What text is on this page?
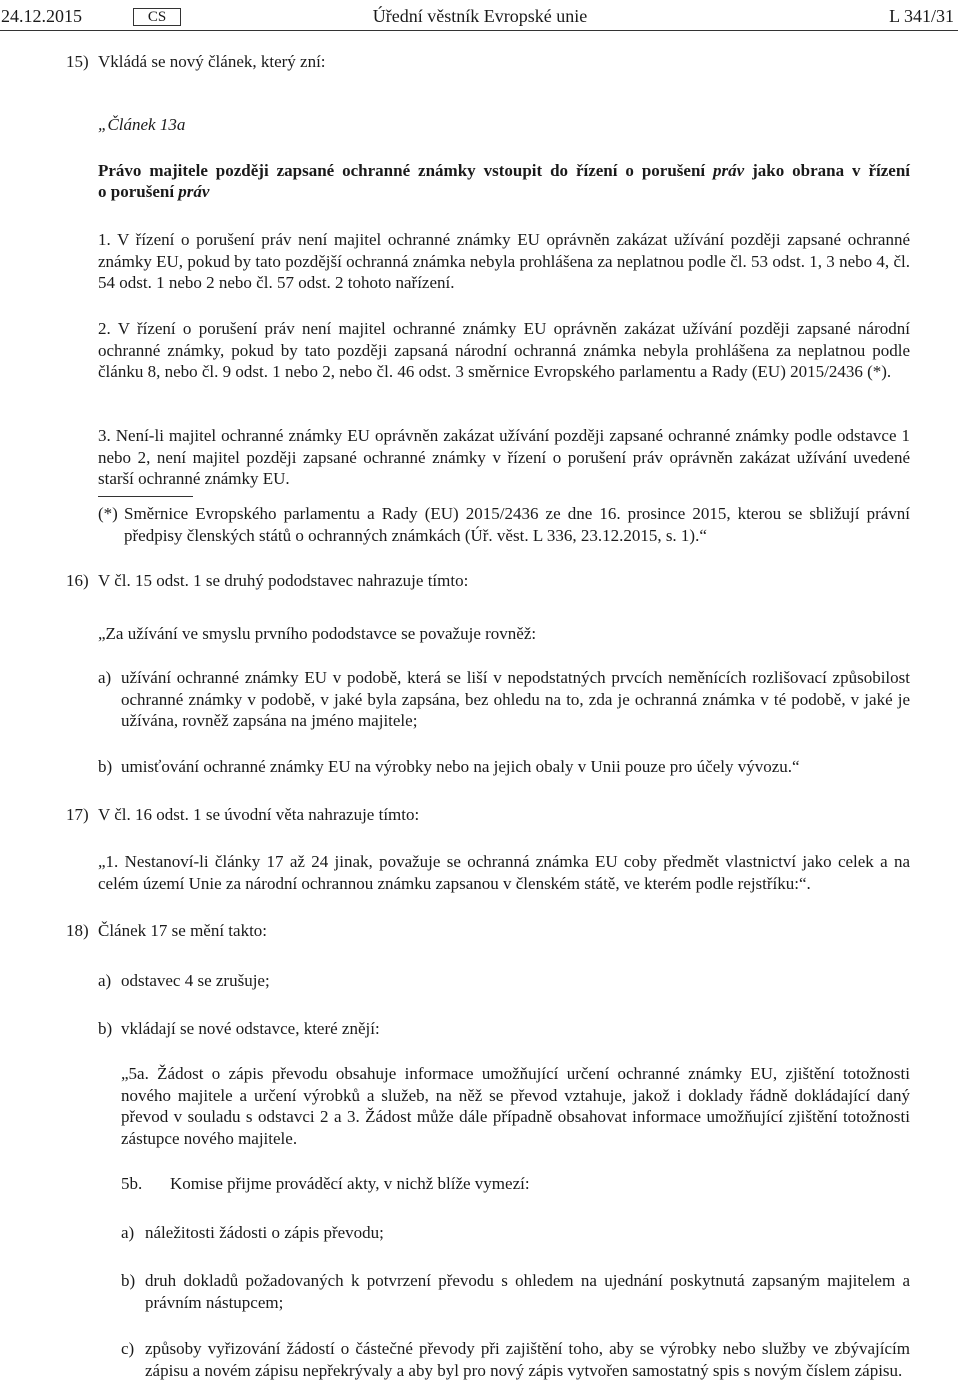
24.12.2015	CS	Úřední věstník Evropské unie	L 341/31
15) Vkládá se nový článek, který zní:
„Článek 13a
Právo majitele později zapsané ochranné známky vstoupit do řízení o porušení práv jako obrana v řízení
o porušení práv
1. V řízení o porušení práv není majitel ochranné známky EU oprávněn zakázat užívání později zapsané ochranné známky EU, pokud by tato pozdější ochranná známka nebyla prohlášena za neplatnou podle čl. 53 odst. 1, 3 nebo 4, čl. 54 odst. 1 nebo 2 nebo čl. 57 odst. 2 tohoto nařízení.
2. V řízení o porušení práv není majitel ochranné známky EU oprávněn zakázat užívání později zapsané národní ochranné známky, pokud by tato později zapsaná národní ochranná známka nebyla prohlášena za neplatnou podle článku 8, nebo čl. 9 odst. 1 nebo 2, nebo čl. 46 odst. 3 směrnice Evropského parlamentu a Rady (EU) 2015/2436 (*).
3. Není-li majitel ochranné známky EU oprávněn zakázat užívání později zapsané ochranné známky podle odstavce 1 nebo 2, není majitel později zapsané ochranné známky v řízení o porušení práv oprávněn zakázat užívání uvedené starší ochranné známky EU.
(*) Směrnice Evropského parlamentu a Rady (EU) 2015/2436 ze dne 16. prosince 2015, kterou se sbližují právní předpisy členských států o ochranných známkách (Úř. věst. L 336, 23.12.2015, s. 1).“
16) V čl. 15 odst. 1 se druhý pododstavec nahrazuje tímto:
„Za užívání ve smyslu prvního pododstavce se považuje rovněž:
a) užívání ochranné známky EU v podobě, která se liší v nepodstatných prvcích neměnících rozlišovací způsobilost ochranné známky v podobě, v jaké byla zapsána, bez ohledu na to, zda je ochranná známka v té podobě, v jaké je užívána, rovněž zapsána na jméno majitele;
b) umisťování ochranné známky EU na výrobky nebo na jejich obaly v Unii pouze pro účely vývozu.“
17) V čl. 16 odst. 1 se úvodní věta nahrazuje tímto:
„1. Nestanoví-li články 17 až 24 jinak, považuje se ochranná známka EU coby předmět vlastnictví jako celek a na celém území Unie za národní ochrannou známku zapsanou v členském státě, ve kterém podle rejstříku:“.
18) Článek 17 se mění takto:
a) odstavec 4 se zrušuje;
b) vkládají se nové odstavce, které znějí:
„5a. Žádost o zápis převodu obsahuje informace umožňující určení ochranné známky EU, zjištění totožnosti nového majitele a určení výrobků a služeb, na něž se převod vztahuje, jakož i doklady řádně dokládající daný převod v souladu s odstavci 2 a 3. Žádost může dále případně obsahovat informace umožňující zjištění totožnosti zástupce nového majitele.
5b. Komise přijme prováděcí akty, v nichž blíže vymezí:
a) náležitosti žádosti o zápis převodu;
b) druh dokladů požadovaných k potvrzení převodu s ohledem na ujednání poskytnutá zapsaným majitelem a právním nástupcem;
c) způsoby vyřizování žádostí o částečné převody při zajištění toho, aby se výrobky nebo služby ve zbývajícím zápisu a novém zápisu nepřekrývaly a aby byl pro nový zápis vytvořen samostatný spis s novým číslem zápisu.
